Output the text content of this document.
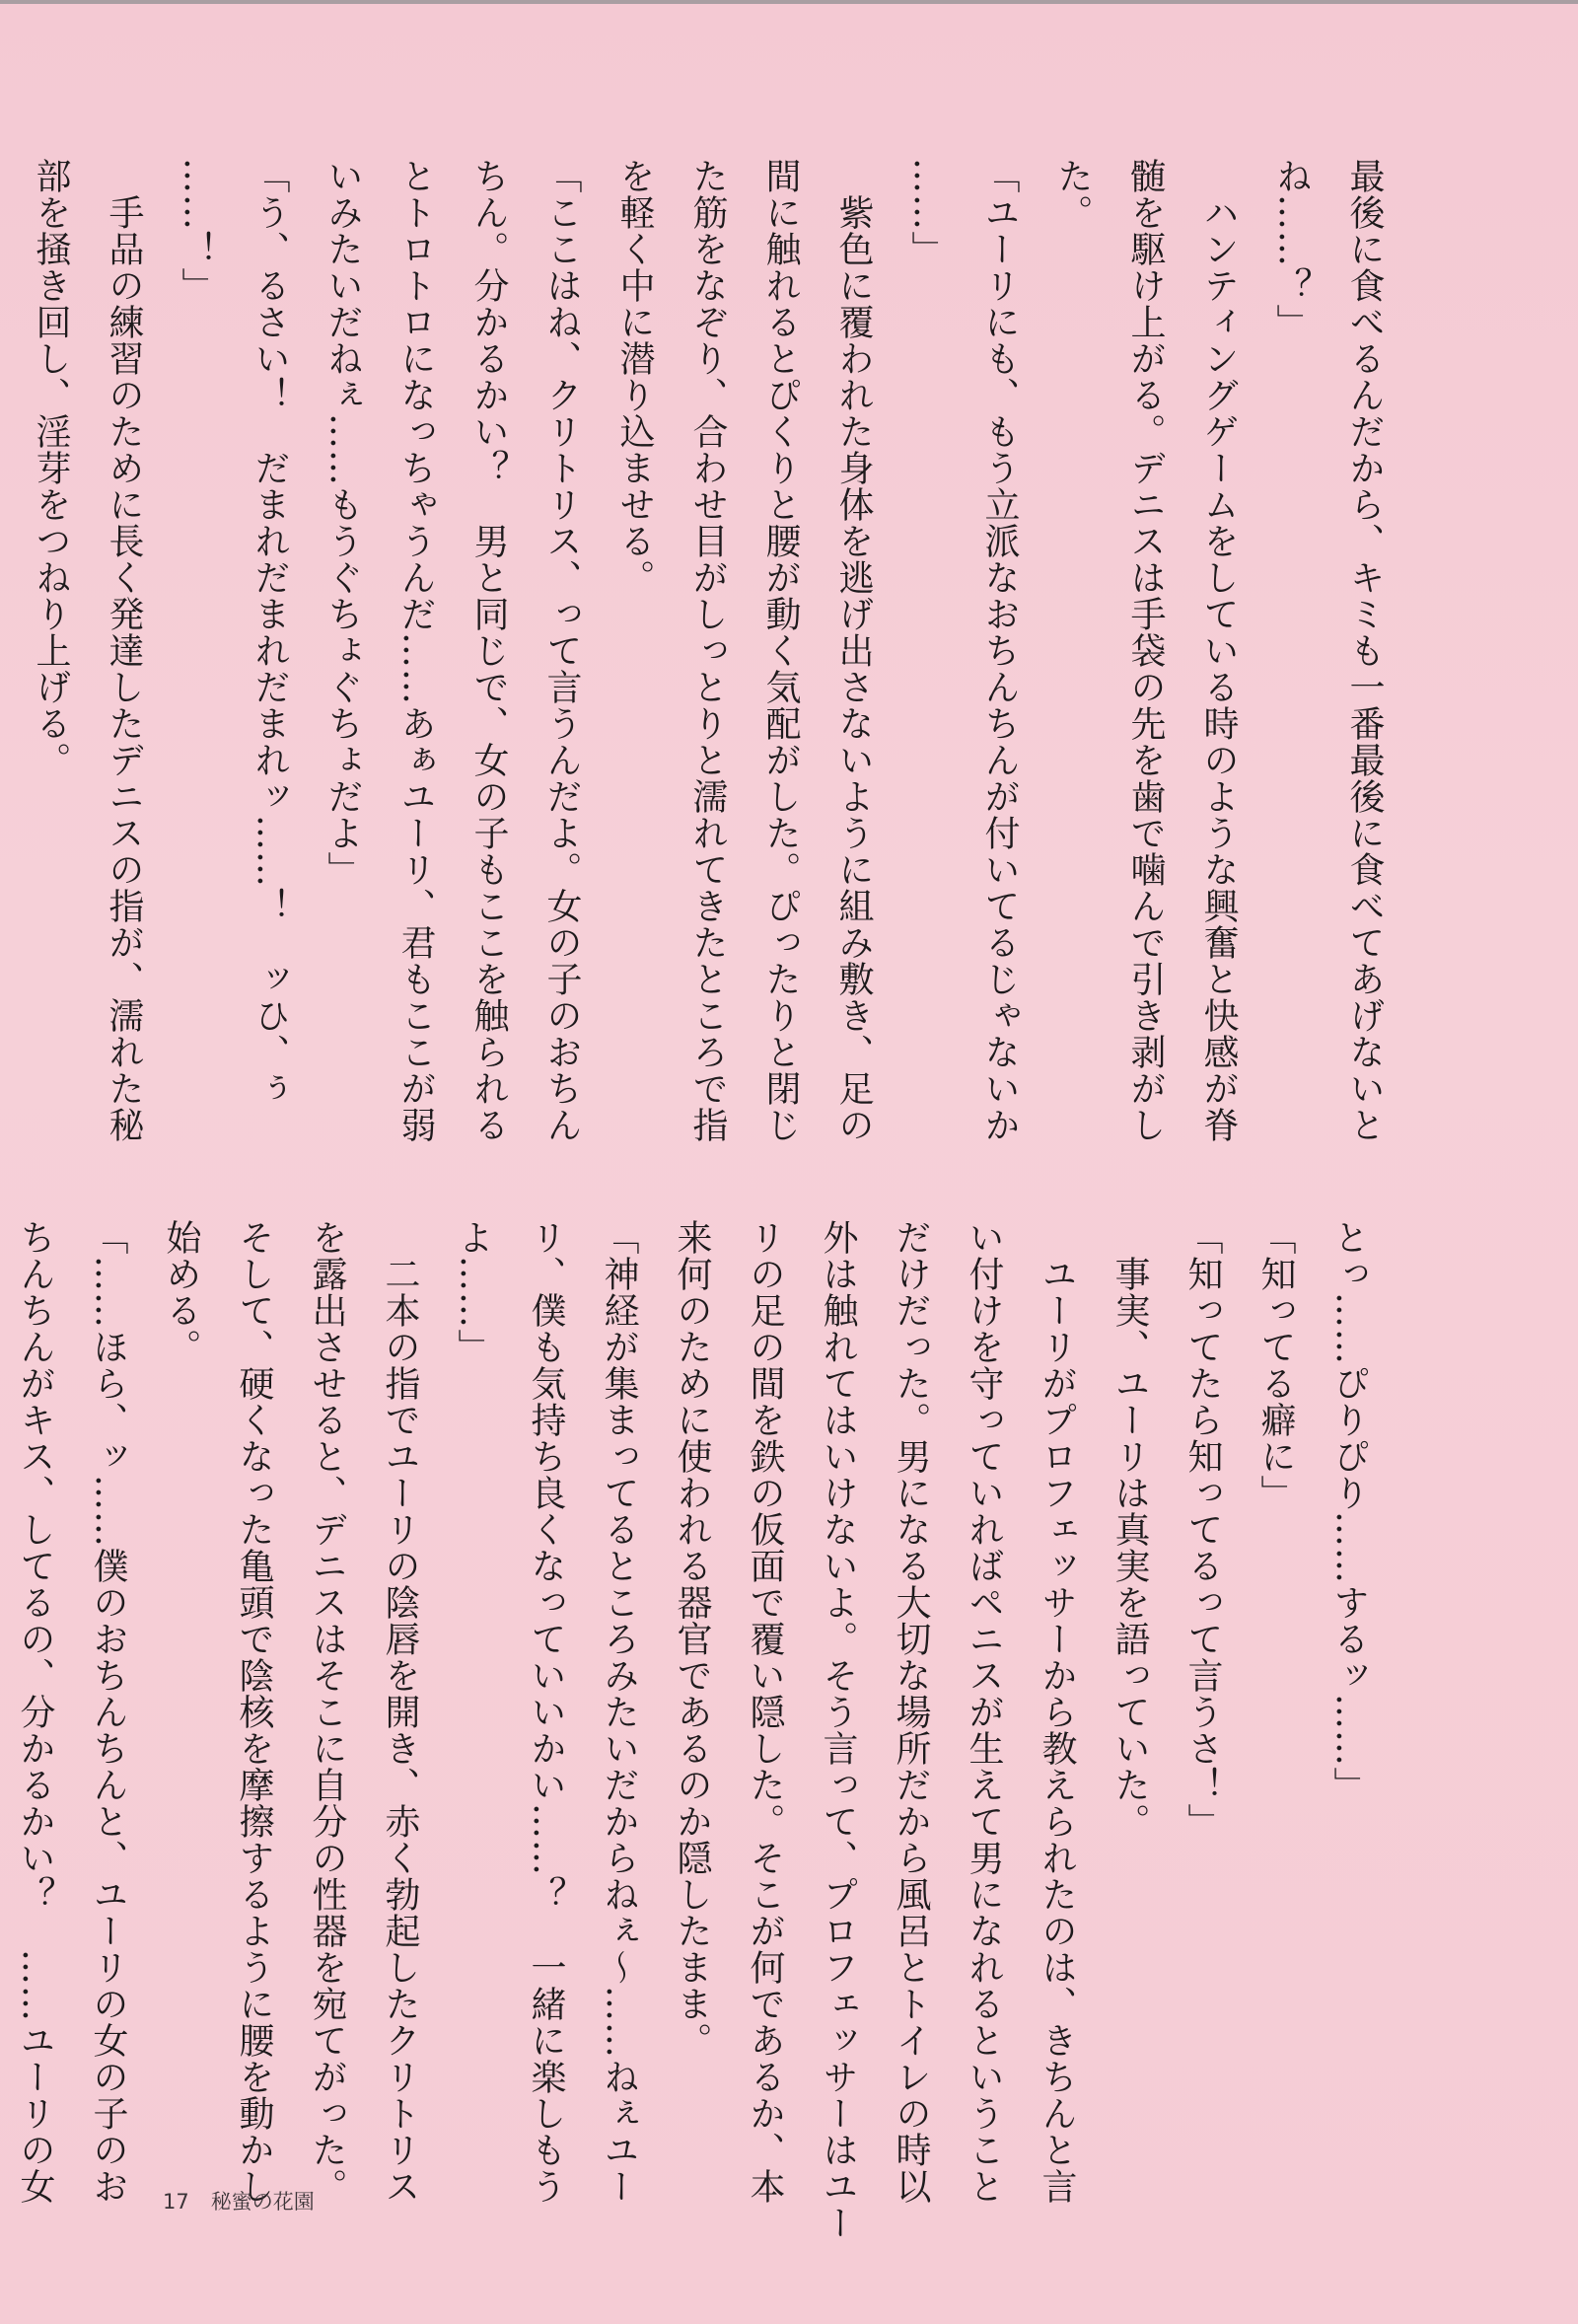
最後に食べるんだから、キミも一番最後に食べてあげないと

ね……？」

　ハンティングゲームをしている時のような興奮と快感が脊

髄を駆け上がる。デニスは手袋の先を歯で噛んで引き剥がし

た。

「ユーリにも、もう立派なおちんちんが付いてるじゃないか

……」

　紫色に覆われた身体を逃げ出さないように組み敷き、足の

間に触れるとぴくりと腰が動く気配がした。ぴったりと閉じ

た筋をなぞり、合わせ目がしっとりと濡れてきたところで指

を軽く中に潜り込ませる。

「ここはね、クリトリス、って言うんだよ。女の子のおちん

ちん。分かるかい？　男と同じで、女の子もここを触られる

とトロトロになっちゃうんだ……あぁユーリ、君もここが弱

いみたいだねぇ……もうぐちょぐちょだよ」

「う、るさい！　だまれだまれだまれッ……！　ッひ、ぅ

……！」

　手品の練習のために長く発達したデニスの指が、濡れた秘

部を掻き回し、淫芽をつねり上げる。

とっ……ぴりぴり……するッ……」

「知ってる癖に」

「知ってたら知ってるって言うさ！」

　事実、ユーリは真実を語っていた。

　ユーリがプロフェッサーから教えられたのは、きちんと言

い付けを守っていればペニスが生えて男になれるということ

だけだった。男になる大切な場所だから風呂とトイレの時以

外は触れてはいけないよ。そう言って、プロフェッサーはユー

リの足の間を鉄の仮面で覆い隠した。そこが何であるか、本

来何のために使われる器官であるのか隠したまま。

「神経が集まってるところみたいだからねぇ～……ねぇユー

リ、僕も気持ち良くなっていいかい……？　一緒に楽しもう

よ……」

　二本の指でユーリの陰唇を開き、赤く勃起したクリトリス

を露出させると、デニスはそこに自分の性器を宛てがった。

そして、硬くなった亀頭で陰核を摩擦するように腰を動かし

始める。

「……ほら、ッ……僕のおちんちんと、ユーリの女の子のお

ちんちんがキス、してるの、分かるかい？　……ユーリの女	17 秘蜜の花園
